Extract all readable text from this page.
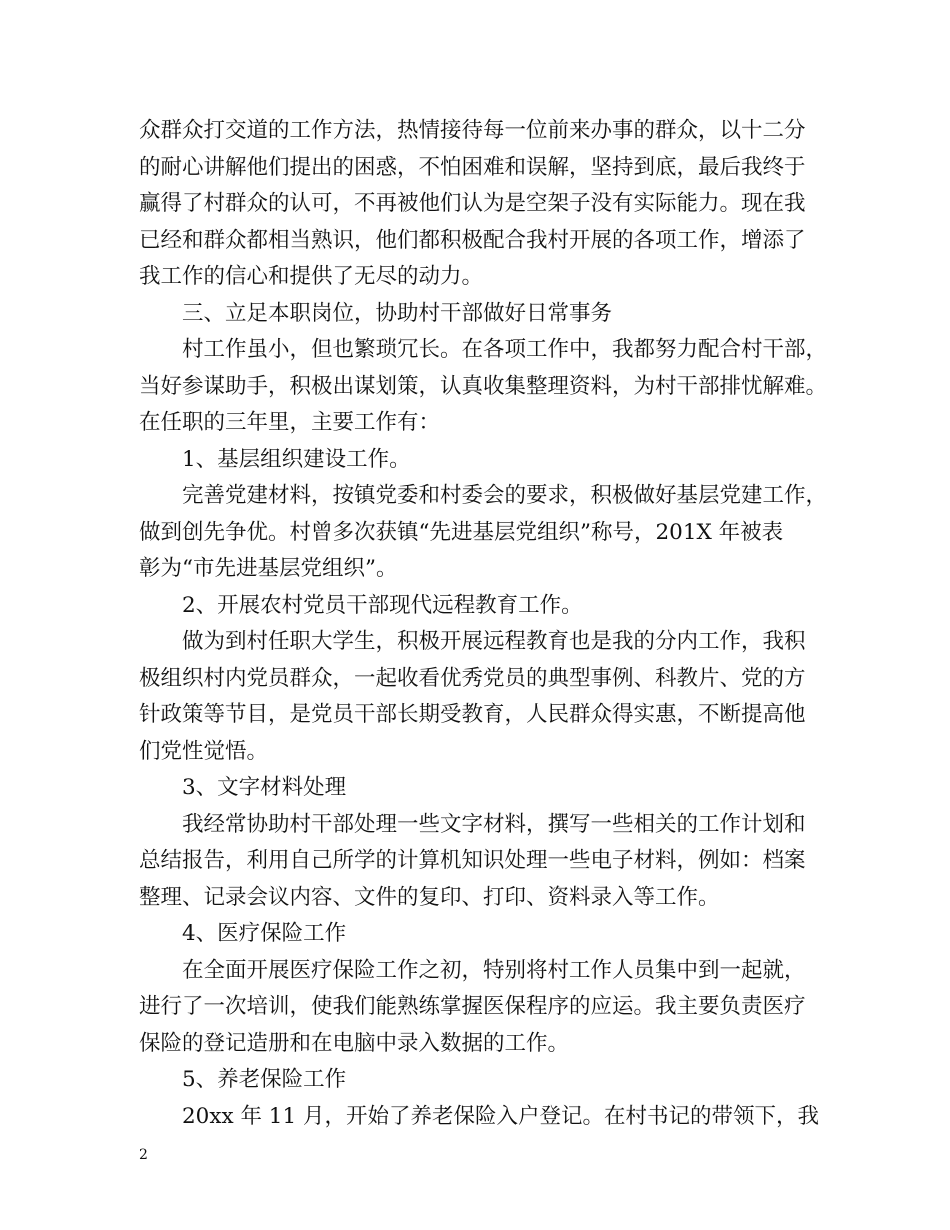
众群众打交道的工作方法，热情接待每一位前来办事的群众，以十二分
的耐心讲解他们提出的困惑，不怕困难和误解，坚持到底，最后我终于
赢得了村群众的认可，不再被他们认为是空架子没有实际能力。现在我
已经和群众都相当熟识，他们都积极配合我村开展的各项工作，增添了
我工作的信心和提供了无尽的动力。
三、立足本职岗位，协助村干部做好日常事务
村工作虽小，但也繁琐冗长。在各项工作中，我都努力配合村干部，
当好参谋助手，积极出谋划策，认真收集整理资料，为村干部排忧解难。
在任职的三年里，主要工作有：
1、基层组织建设工作。
完善党建材料，按镇党委和村委会的要求，积极做好基层党建工作，
做到创先争优。村曾多次获镇“先进基层党组织”称号，201X 年被表
彰为“市先进基层党组织”。
2、开展农村党员干部现代远程教育工作。
做为到村任职大学生，积极开展远程教育也是我的分内工作，我积
极组织村内党员群众，一起收看优秀党员的典型事例、科教片、党的方
针政策等节目，是党员干部长期受教育，人民群众得实惠，不断提高他
们党性觉悟。
3、文字材料处理
我经常协助村干部处理一些文字材料，撰写一些相关的工作计划和
总结报告，利用自己所学的计算机知识处理一些电子材料，例如：档案
整理、记录会议内容、文件的复印、打印、资料录入等工作。
4、医疗保险工作
在全面开展医疗保险工作之初，特别将村工作人员集中到一起就，
进行了一次培训，使我们能熟练掌握医保程序的应运。我主要负责医疗
保险的登记造册和在电脑中录入数据的工作。
5、养老保险工作
20xx 年 11 月，开始了养老保险入户登记。在村书记的带领下，我
2
